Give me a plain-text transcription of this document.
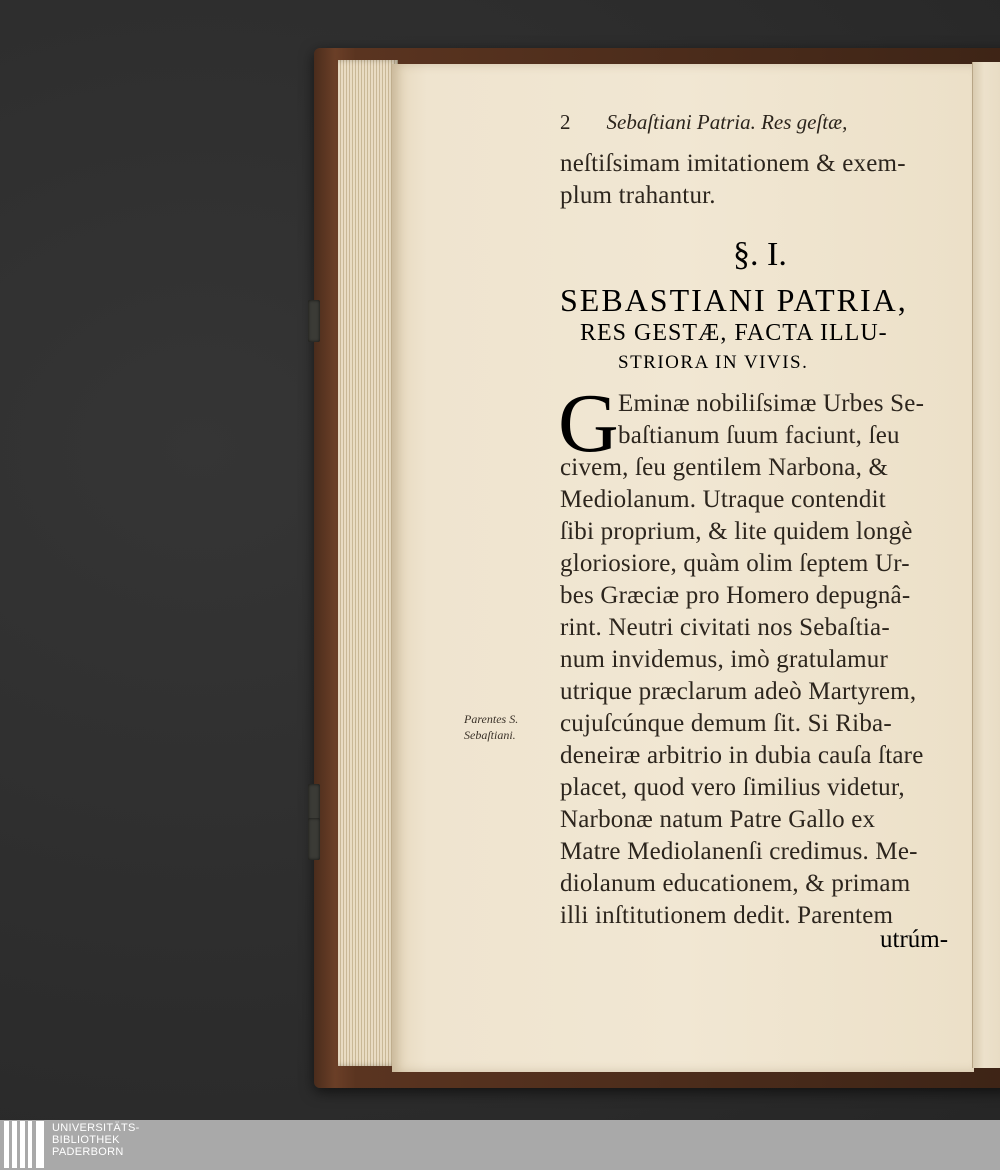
2 Sebaſtiani Patria. Res geſtæ,
neſtiſsimam imitationem & exem-
plum trahantur.
§. I.
SEBASTIANI PATRIA,
RES GESTÆ, FACTA ILLU-
STRIORA IN VIVIS.
G Eminæ nobiliſsimæ Urbes Se-
baſtianum ſuum faciunt, ſeu
civem, ſeu gentilem Narbona, &
Mediolanum. Utraque contendit
ſibi proprium, & lite quidem longè
gloriosiore, quàm olim ſeptem Ur-
bes Græciæ pro Homero depugnâ-
rint. Neutri civitati nos Sebaſtia-
num invidemus, imò gratulamur
utrique præclarum adeò Martyrem,
cujuſcúnque demum ſit. Si Riba-
deneiræ arbitrio in dubia cauſa ſtare
placet, quod vero ſimilius videtur,
Narbonæ natum Patre Gallo ex
Matre Mediolanenſi credimus. Me-
diolanum educationem, & primam
illi inſtitutionem dedit. Parentem
utrúm-
Parentes S.
Sebaſtiani.
UNIVERSITÄTS-
BIBLIOTHEK
PADERBORN
